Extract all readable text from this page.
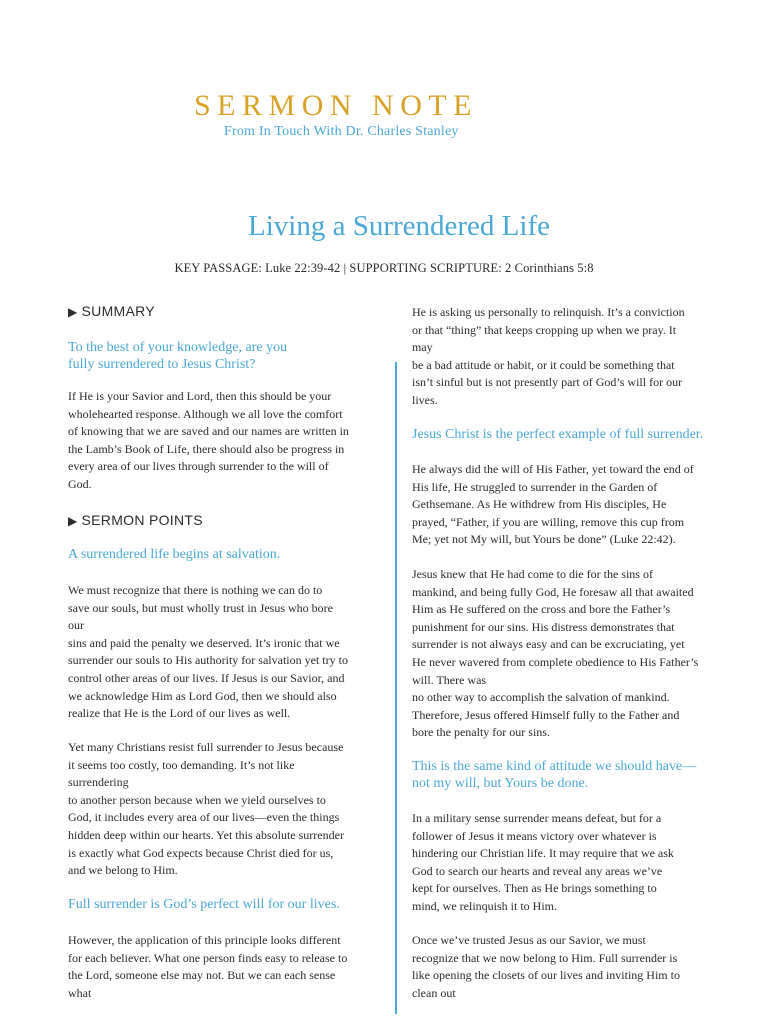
SERMON NOTE
From In Touch With Dr. Charles Stanley
Living a Surrendered Life
KEY PASSAGE: Luke 22:39-42 | SUPPORTING SCRIPTURE: 2 Corinthians 5:8
▶ SUMMARY
To the best of your knowledge, are you
fully surrendered to Jesus Christ?
If He is your Savior and Lord, then this should be your
wholehearted response. Although we all love the comfort
of knowing that we are saved and our names are written in
the Lamb’s Book of Life, there should also be progress in
every area of our lives through surrender to the will of
God.
▶ SERMON POINTS
A surrendered life begins at salvation.
We must recognize that there is nothing we can do to
save our souls, but must wholly trust in Jesus who bore
our
sins and paid the penalty we deserved. It’s ironic that we
surrender our souls to His authority for salvation yet try to
control other areas of our lives. If Jesus is our Savior, and
we acknowledge Him as Lord God, then we should also
realize that He is the Lord of our lives as well.
Yet many Christians resist full surrender to Jesus because
it seems too costly, too demanding. It’s not like
surrendering
to another person because when we yield ourselves to
God, it includes every area of our lives—even the things
hidden deep within our hearts. Yet this absolute surrender
is exactly what God expects because Christ died for us,
and we belong to Him.
Full surrender is God’s perfect will for our lives.
However, the application of this principle looks different
for each believer. What one person finds easy to release to
the Lord, someone else may not. But we can each sense
what
He is asking us personally to relinquish. It’s a conviction
or that “thing” that keeps cropping up when we pray. It
may
be a bad attitude or habit, or it could be something that
isn’t sinful but is not presently part of God’s will for our
lives.
Jesus Christ is the perfect example of full surrender.
He always did the will of His Father, yet toward the end of
His life, He struggled to surrender in the Garden of
Gethsemane. As He withdrew from His disciples, He
prayed, “Father, if you are willing, remove this cup from
Me; yet not My will, but Yours be done” (Luke 22:42).
Jesus knew that He had come to die for the sins of
mankind, and being fully God, He foresaw all that awaited
Him as He suffered on the cross and bore the Father’s
punishment for our sins. His distress demonstrates that
surrender is not always easy and can be excruciating, yet
He never wavered from complete obedience to His Father’s
will. There was
no other way to accomplish the salvation of mankind.
Therefore, Jesus offered Himself fully to the Father and
bore the penalty for our sins.
This is the same kind of attitude we should have—
not my will, but Yours be done.
In a military sense surrender means defeat, but for a
follower of Jesus it means victory over whatever is
hindering our Christian life. It may require that we ask
God to search our hearts and reveal any areas we’ve
kept for ourselves. Then as He brings something to
mind, we relinquish it to Him.
Once we’ve trusted Jesus as our Savior, we must
recognize that we now belong to Him. Full surrender is
like opening the closets of our lives and inviting Him to
clean out
